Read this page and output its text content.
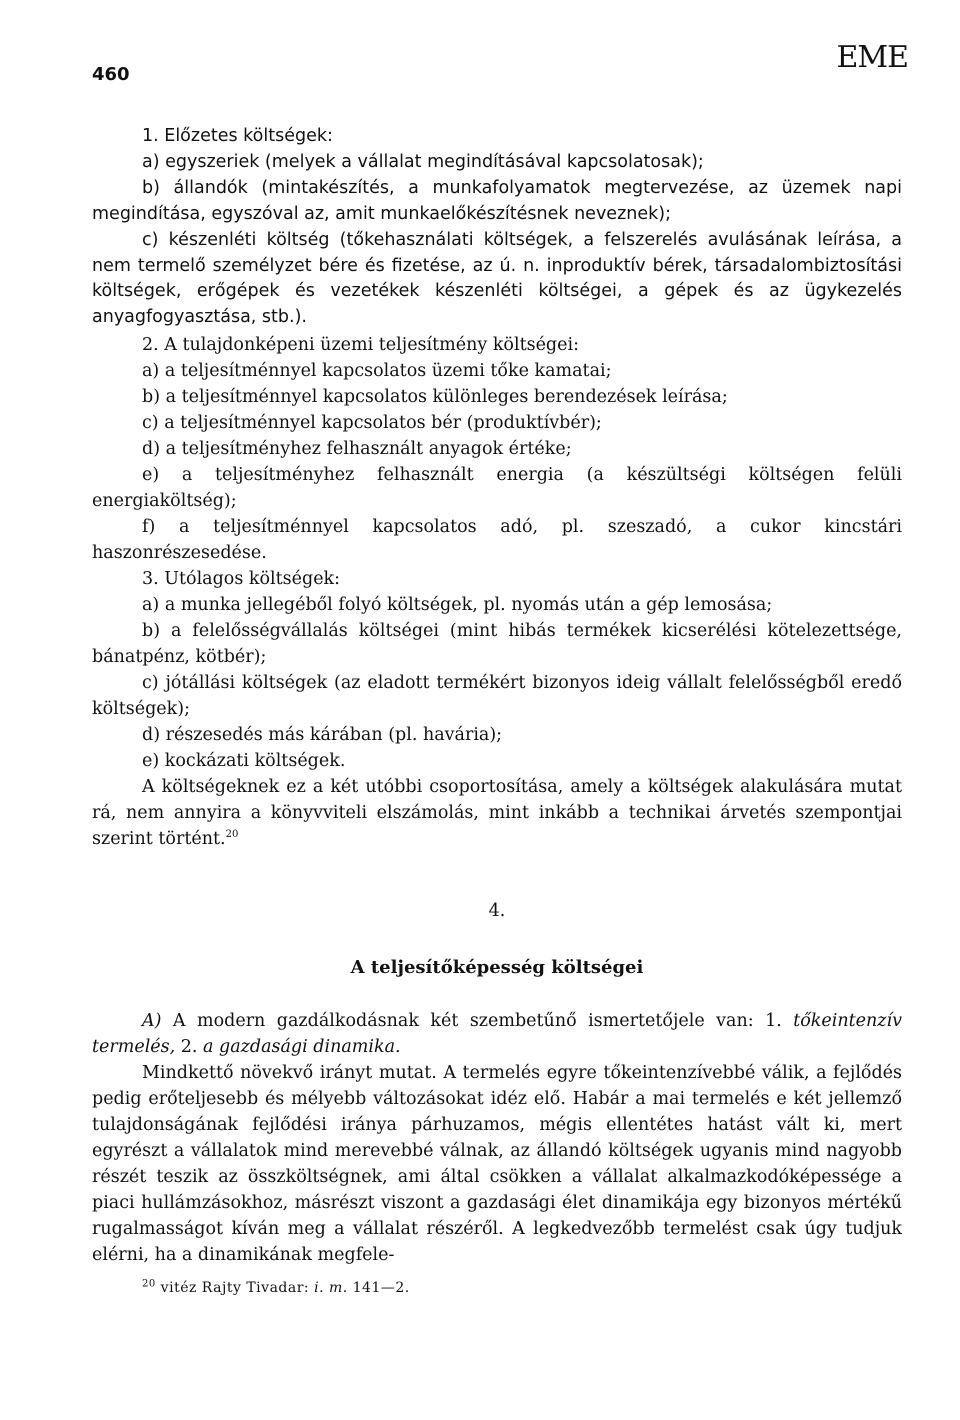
460	EME

1. Előzetes költségek:

a) egyszeriek (melyek a vállalat megindításával kapcsolatosak);

b) állandók (mintakészítés, a munkafolyamatok megtervezése, az üzemek napi megindítása, egyszóval az, amit munkaelőkészítésnek neveznek);

c) készenléti költség (tőkehasználati költségek, a felszerelés avulásának leírása, a nem termelő személyzet bére és fizetése, az ú. n. inproduktív bérek, társadalombiztosítási költségek, erőgépek és vezetékek készenléti költségei, a gépek és az ügykezelés anyagfogyasztása, stb.).

2. A tulajdonképeni üzemi teljesítmény költségei:

a) a teljesítménnyel kapcsolatos üzemi tőke kamatai;

b) a teljesítménnyel kapcsolatos különleges berendezések leírása;

c) a teljesítménnyel kapcsolatos bér (produktívbér);

d) a teljesítményhez felhasznált anyagok értéke;

e) a teljesítményhez felhasznált energia (a készültségi költségen felüli energiaköltség);

f) a teljesítménnyel kapcsolatos adó, pl. szeszadó, a cukor kincstári haszonrészesedése.

3. Utólagos költségek:

a) a munka jellegéből folyó költségek, pl. nyomás után a gép lemosása;

b) a felelősségvállalás költségei (mint hibás termékek kicserélési kötelezettsége, bánatpénz, kötbér);

c) jótállási költségek (az eladott termékért bizonyos ideig vállalt felelősségből eredő költségek);

d) részesedés más kárában (pl. havária);

e) kockázati költségek.

A költségeknek ez a két utóbbi csoportosítása, amely a költségek alakulására mutat rá, nem annyira a könyvviteli elszámolás, mint inkább a technikai árvetés szempontjai szerint történt.$^{20}$

4.

A teljesítőképesség költségei

A) A modern gazdálkodásnak két szembetűnő ismertetőjele van: 1. tőkeintenzív termelés, 2. a gazdasági dinamika.

Mindkettő növekvő irányt mutat. A termelés egyre tőkeintenzívebbé válik, a fejlődés pedig erőteljesebb és mélyebb változásokat idéz elő. Habár a mai termelés e két jellemző tulajdonságának fejlődési iránya párhuzamos, mégis ellentétes hatást vált ki, mert egyrészt a vállalatok mind merevebbé válnak, az állandó költségek ugyanis mind nagyobb részét teszik az összköltségnek, ami által csökken a vállalat alkalmazkodóképessége a piaci hullámzásokhoz, másrészt viszont a gazdasági élet dinamikája egy bizonyos mértékű rugalmasságot kíván meg a vállalat részéről. A legkedvezőbb termelést csak úgy tudjuk elérni, ha a dinamikának megfele-

$^{20}$ vitéz Rajty Tivadar: i. m. 141—2.
